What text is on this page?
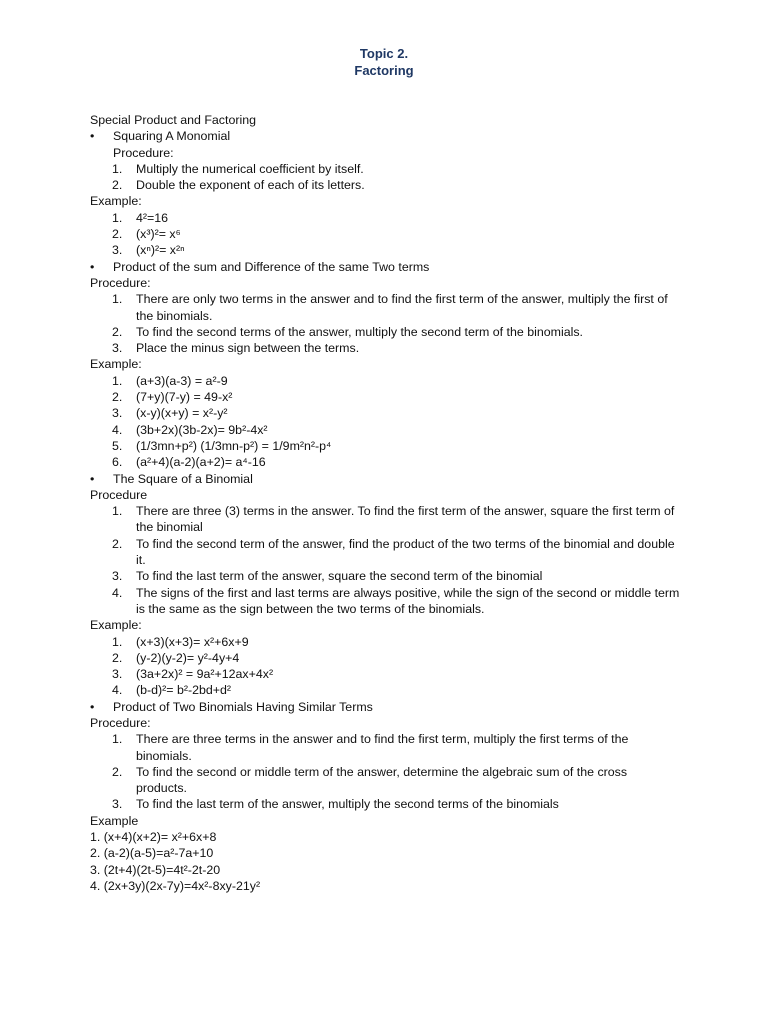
Topic 2.
Factoring
Special Product and Factoring
• Squaring A Monomial
Procedure:
1. Multiply the numerical coefficient by itself.
2. Double the exponent of each of its letters.
Example:
1. 4²=16
2. (x³)²= x⁶
3. (xⁿ)²= x²ⁿ
• Product of the sum and Difference of the same Two terms
Procedure:
1. There are only two terms in the answer and to find the first term of the answer, multiply the first of the binomials.
2. To find the second terms of the answer, multiply the second term of the binomials.
3. Place the minus sign between the terms.
Example:
1. (a+3)(a-3) = a²-9
2. (7+y)(7-y) = 49-x²
3. (x-y)(x+y) = x²-y²
4. (3b+2x)(3b-2x)= 9b²-4x²
5. (1/3mn+p²) (1/3mn-p²) = 1/9m²n²-p⁴
6. (a²+4)(a-2)(a+2)= a⁴-16
• The Square of a Binomial
Procedure
1. There are three (3) terms in the answer. To find the first term of the answer, square the first term of the binomial
2. To find the second term of the answer, find the product of the two terms of the binomial and double it.
3. To find the last term of the answer, square the second term of the binomial
4. The signs of the first and last terms are always positive, while the sign of the second or middle term is the same as the sign between the two terms of the binomials.
Example:
1. (x+3)(x+3)= x²+6x+9
2. (y-2)(y-2)= y²-4y+4
3. (3a+2x)² = 9a²+12ax+4x²
4. (b-d)²= b²-2bd+d²
• Product of Two Binomials Having Similar Terms
Procedure:
1. There are three terms in the answer and to find the first term, multiply the first terms of the binomials.
2. To find the second or middle term of the answer, determine the algebraic sum of the cross products.
3. To find the last term of the answer, multiply the second terms of the binomials
Example
1. (x+4)(x+2)= x²+6x+8
2. (a-2)(a-5)=a²-7a+10
3. (2t+4)(2t-5)=4t²-2t-20
4. (2x+3y)(2x-7y)=4x²-8xy-21y²
